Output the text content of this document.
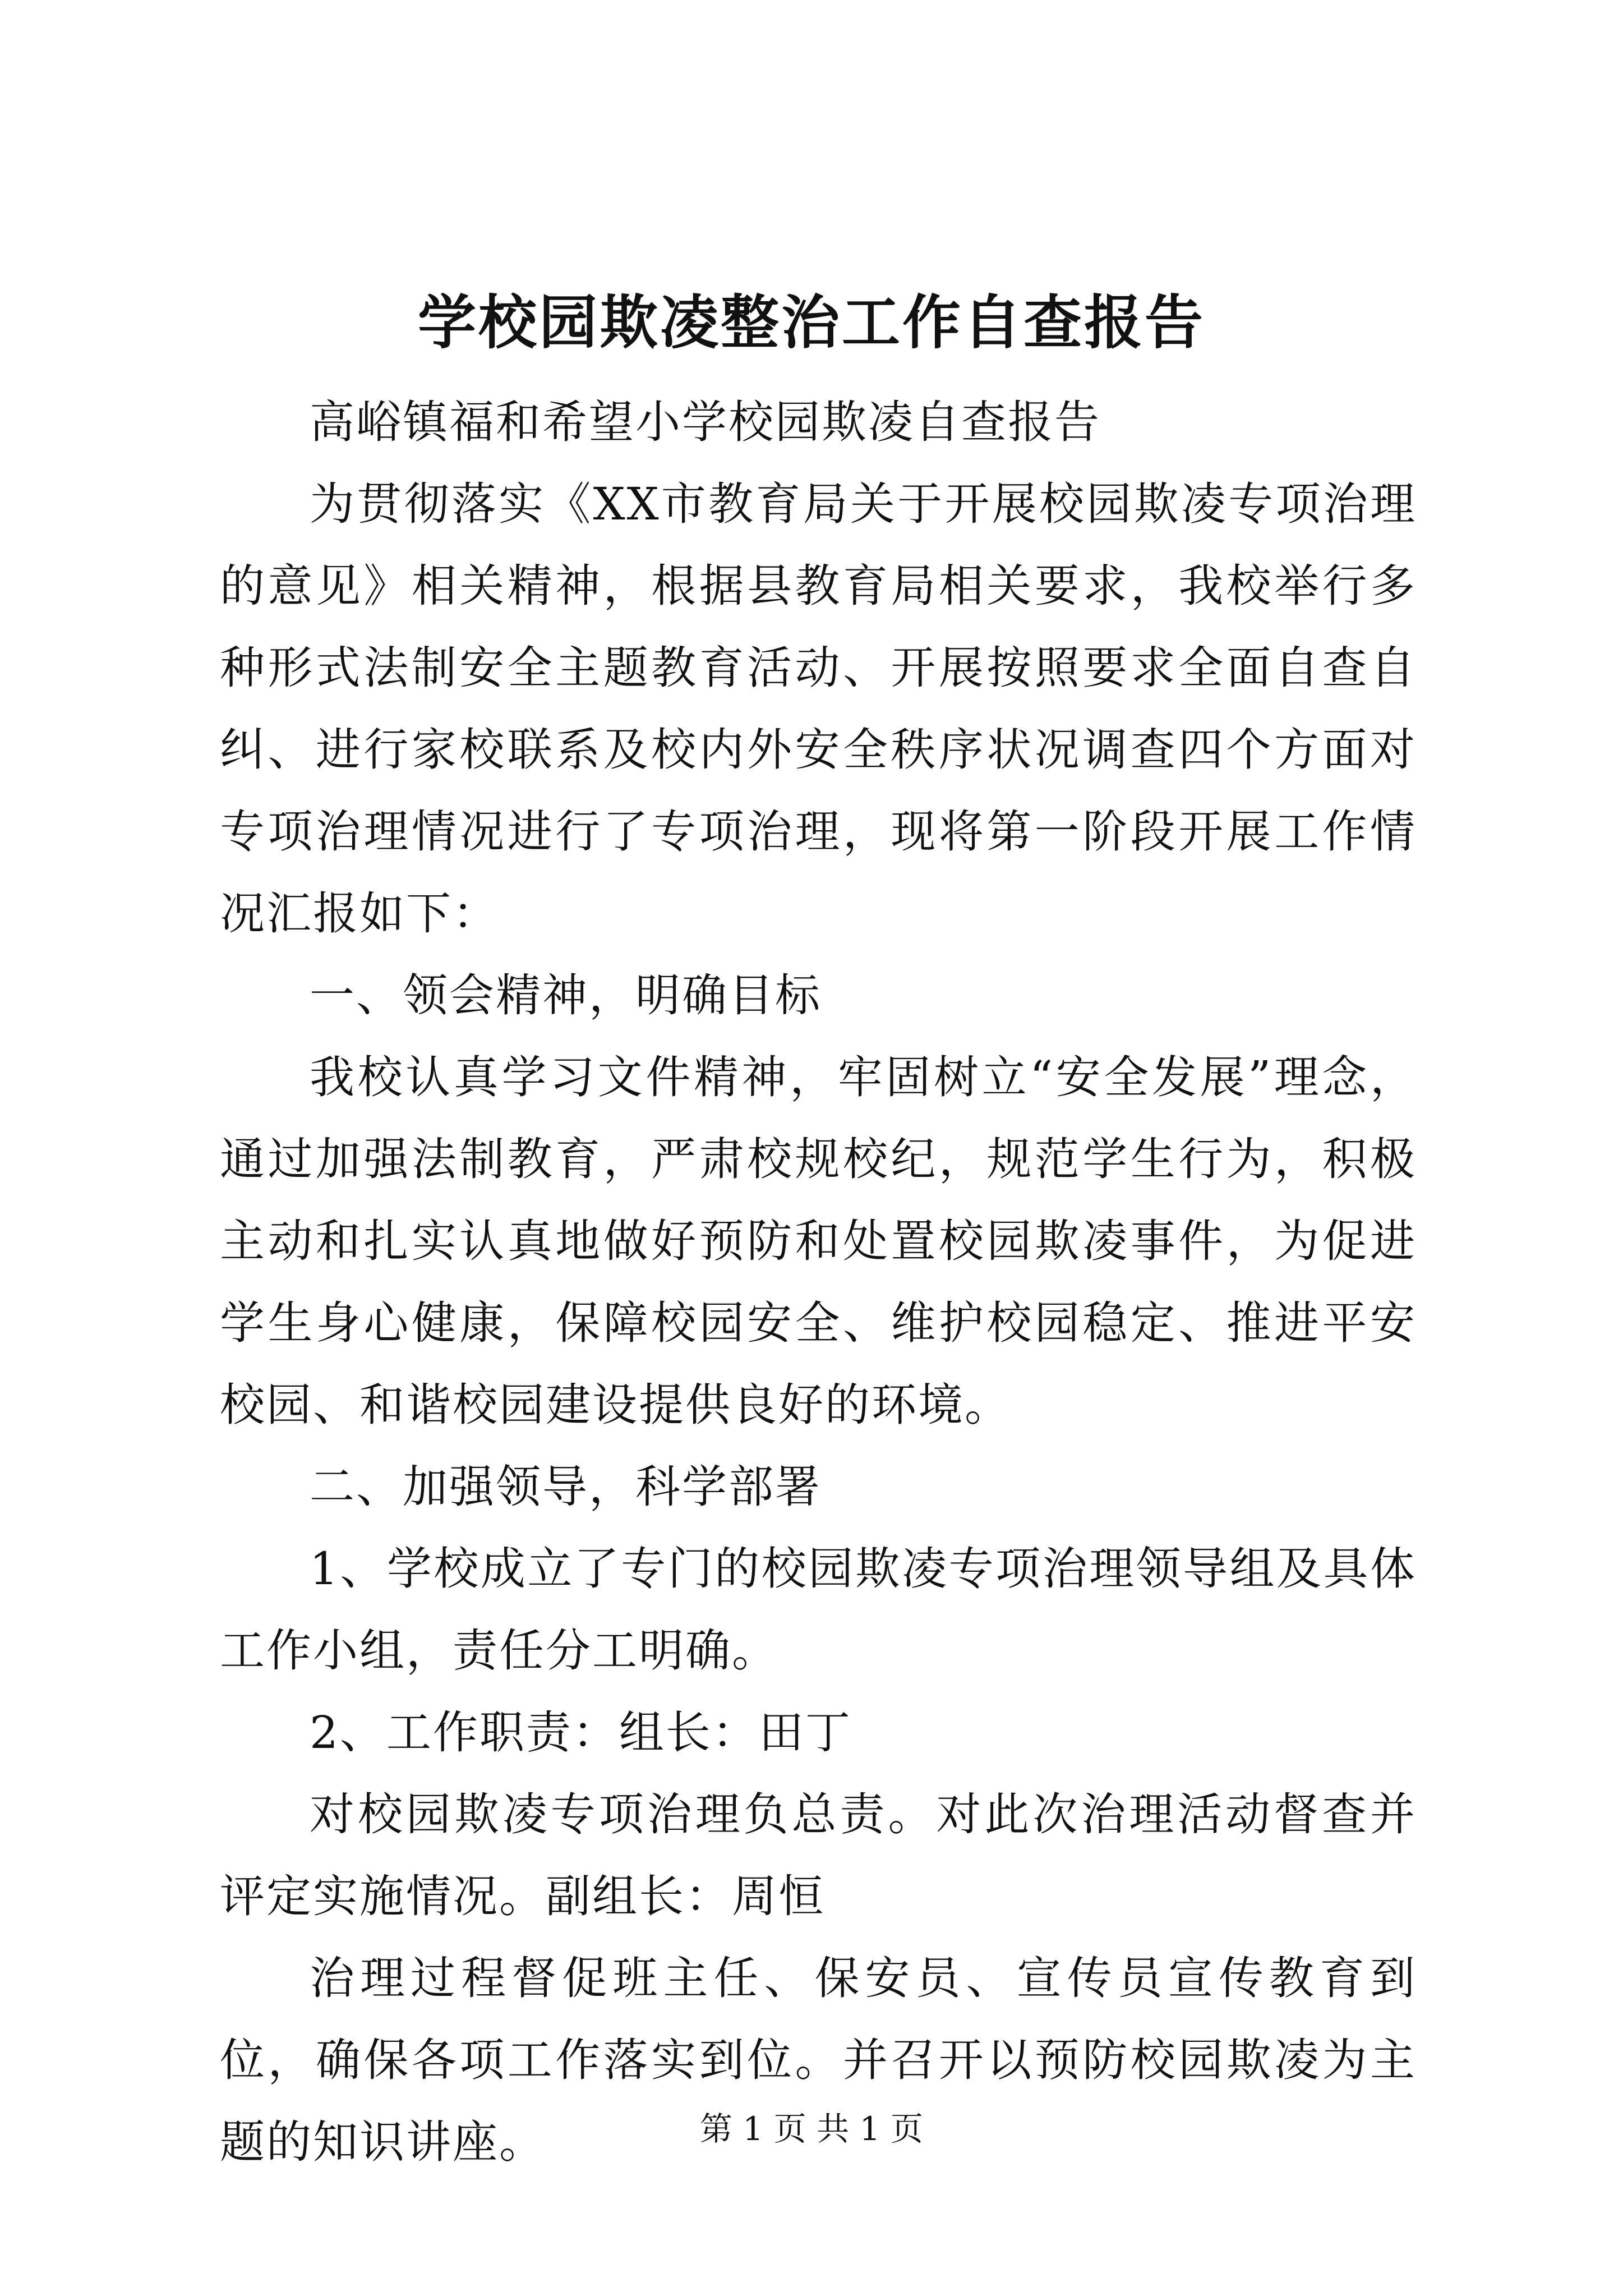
学校园欺凌整治工作自查报告

高峪镇福和希望小学校园欺凌自查报告

为贯彻落实《XX市教育局关于开展校园欺凌专项治理的意见》相关精神，根据县教育局相关要求，我校举行多种形式法制安全主题教育活动、开展按照要求全面自查自纠、进行家校联系及校内外安全秩序状况调查四个方面对专项治理情况进行了专项治理，现将第一阶段开展工作情况汇报如下：

一、领会精神，明确目标

我校认真学习文件精神，牢固树立“安全发展”理念，通过加强法制教育，严肃校规校纪，规范学生行为，积极主动和扎实认真地做好预防和处置校园欺凌事件，为促进学生身心健康，保障校园安全、维护校园稳定、推进平安校园、和谐校园建设提供良好的环境。

二、加强领导，科学部署

1、学校成立了专门的校园欺凌专项治理领导组及具体工作小组，责任分工明确。

2、工作职责：组长：田丁

对校园欺凌专项治理负总责。对此次治理活动督查并评定实施情况。副组长：周恒

治理过程督促班主任、保安员、宣传员宣传教育到位，确保各项工作落实到位。并召开以预防校园欺凌为主题的知识讲座。	第 1 页 共 1 页
